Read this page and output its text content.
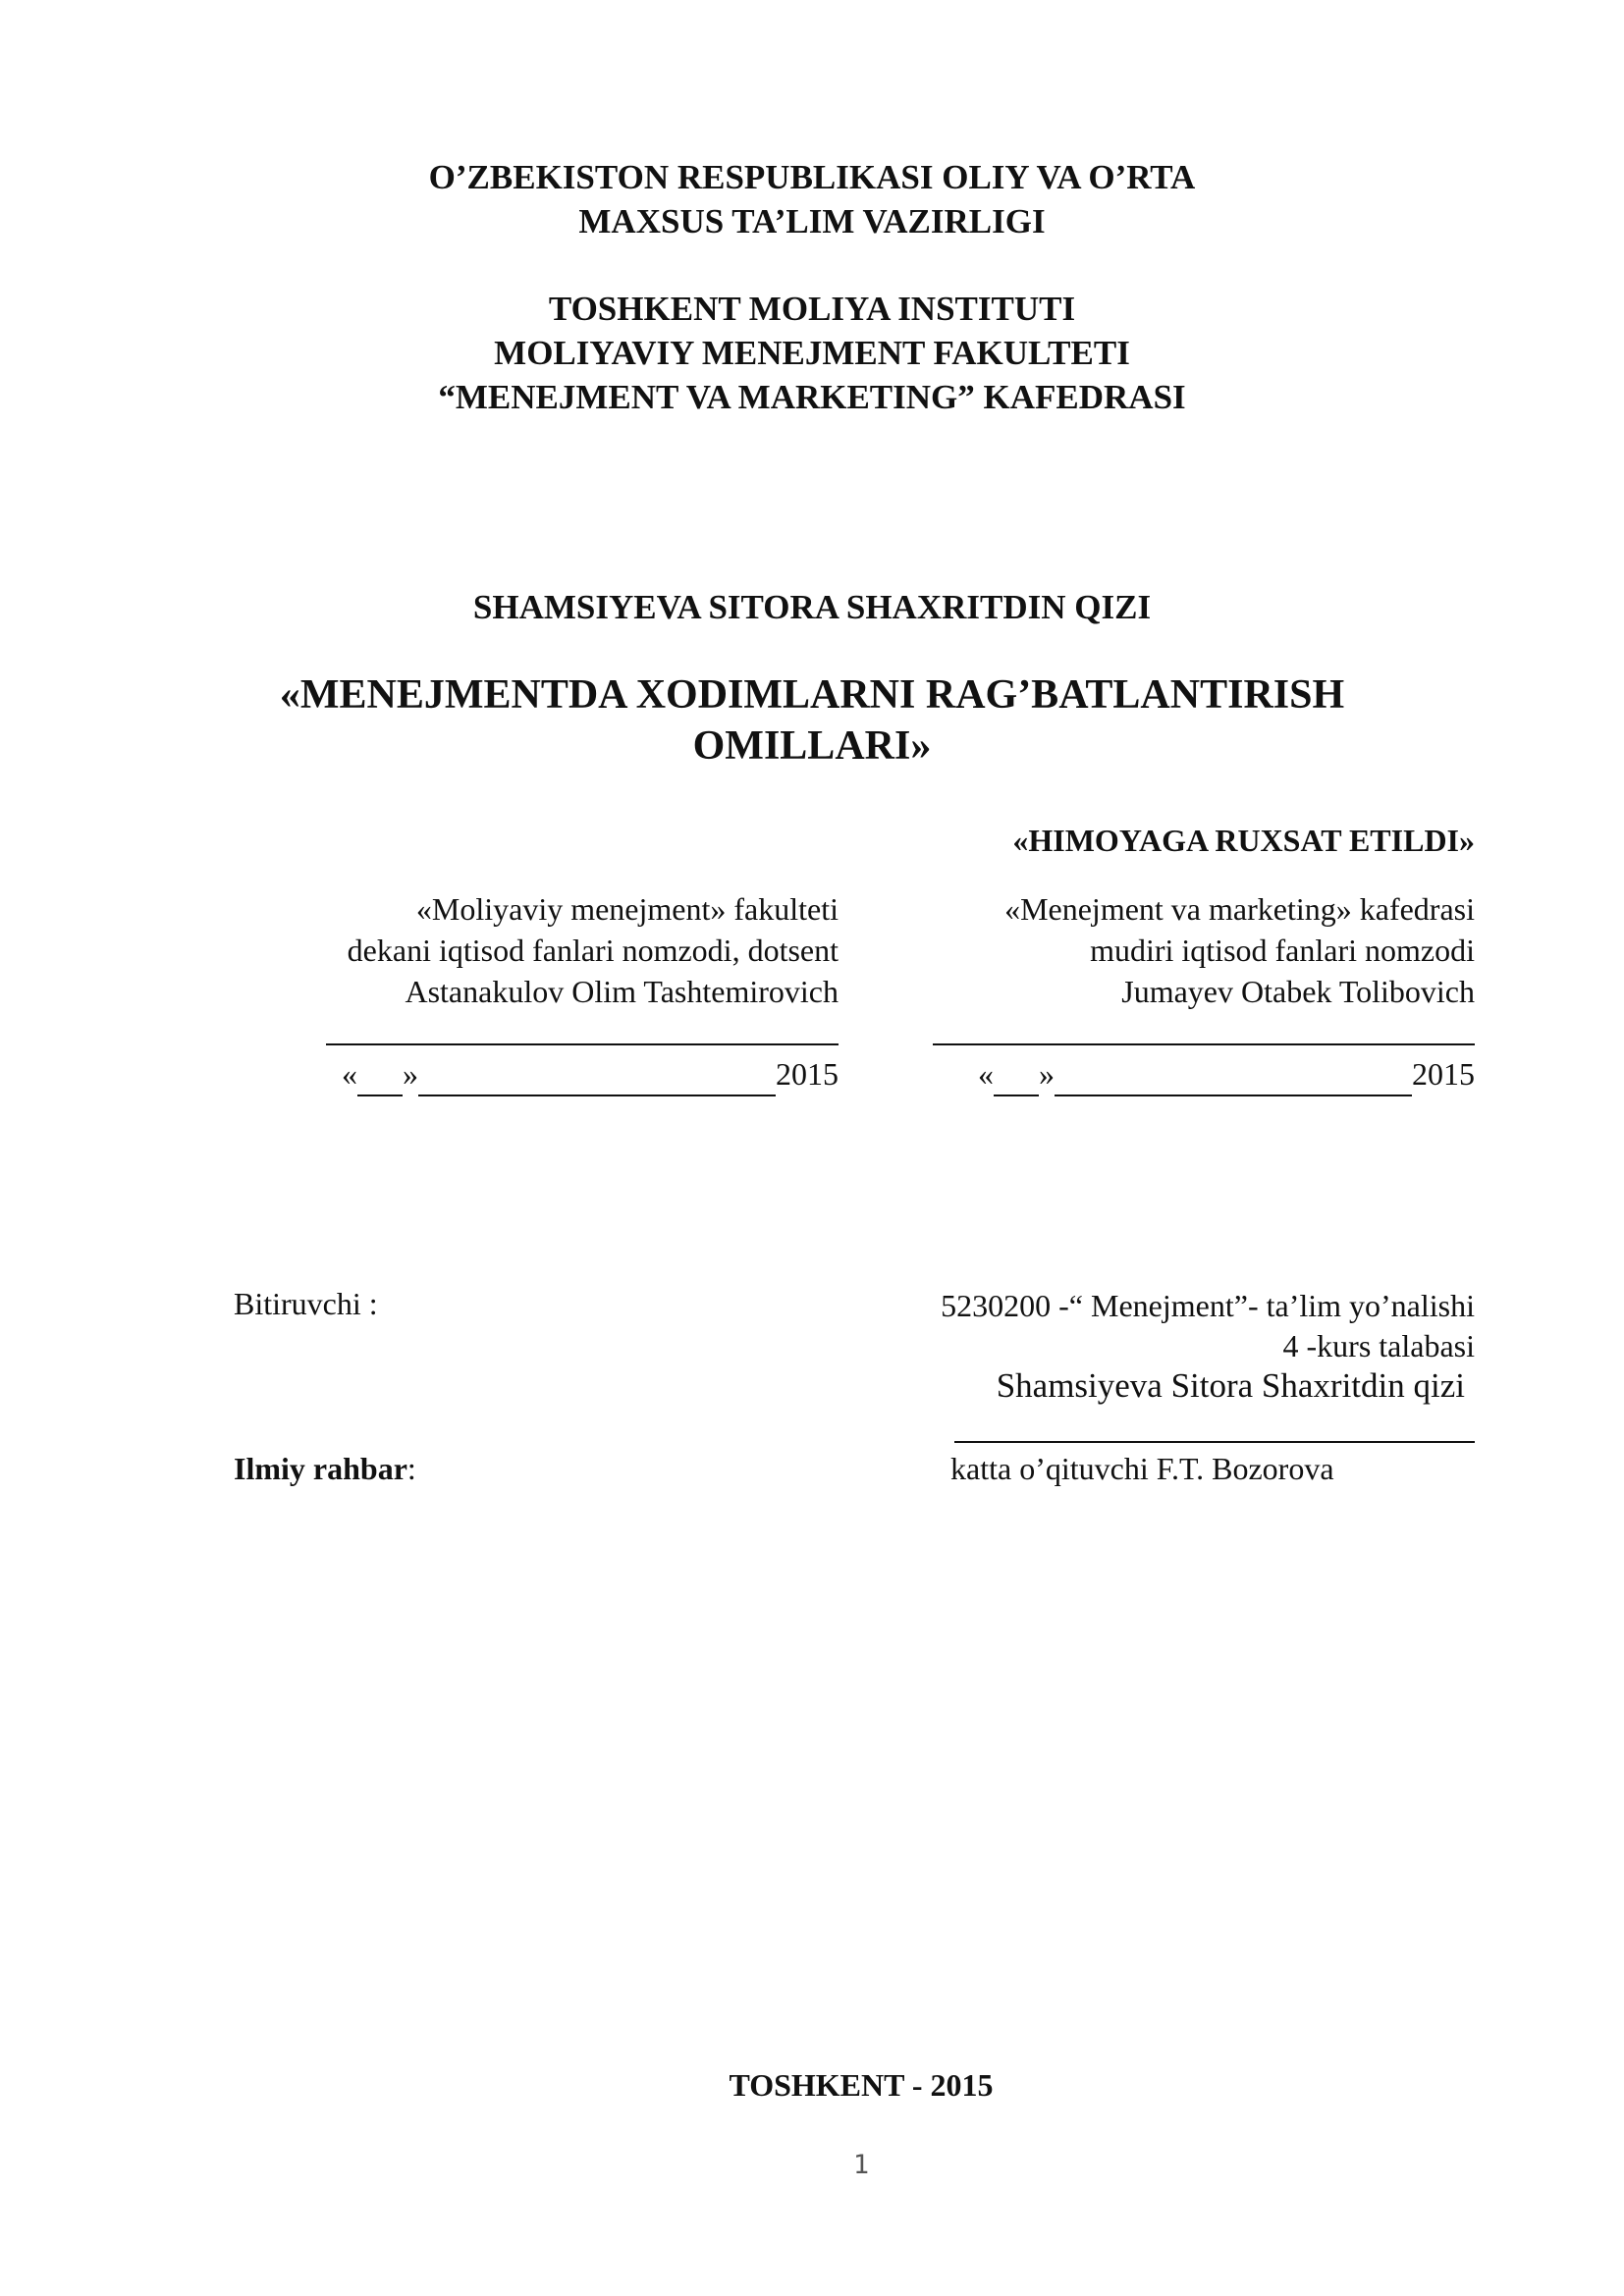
O’ZBEKISTON RESPUBLIKASI OLIY VA O’RTA
MAXSUS TA’LIM VAZIRLIGI
TOSHKENT MOLIYA INSTITUTI
MOLIYAVIY MENEJMENT FAKULTETI
“MENEJMENT VA MARKETING” KAFEDRASI
SHAMSIYEVA SITORA SHAXRITDIN QIZI
«MENEJMENTDA XODIMLARNI RAG’BATLANTIRISH
OMILLARI»
«HIMOYAGA RUXSAT ETILDI»
«Moliyaviy menejment» fakulteti
dekani iqtisod fanlari nomzodi, dotsent
Astanakulov Olim Tashtemirovich
« »	2015
«Menejment va marketing» kafedrasi
mudiri iqtisod fanlari nomzodi
Jumayev Otabek Tolibovich
« »	2015
Bitiruvchi :	5230200 -“ Menejment”- ta’lim yo’nalishi
4 -kurs talabasi
Shamsiyeva Sitora Shaxritdin qizi
Ilmiy rahbar:	katta o’qituvchi F.T. Bozorova
TOSHKENT - 2015
1
